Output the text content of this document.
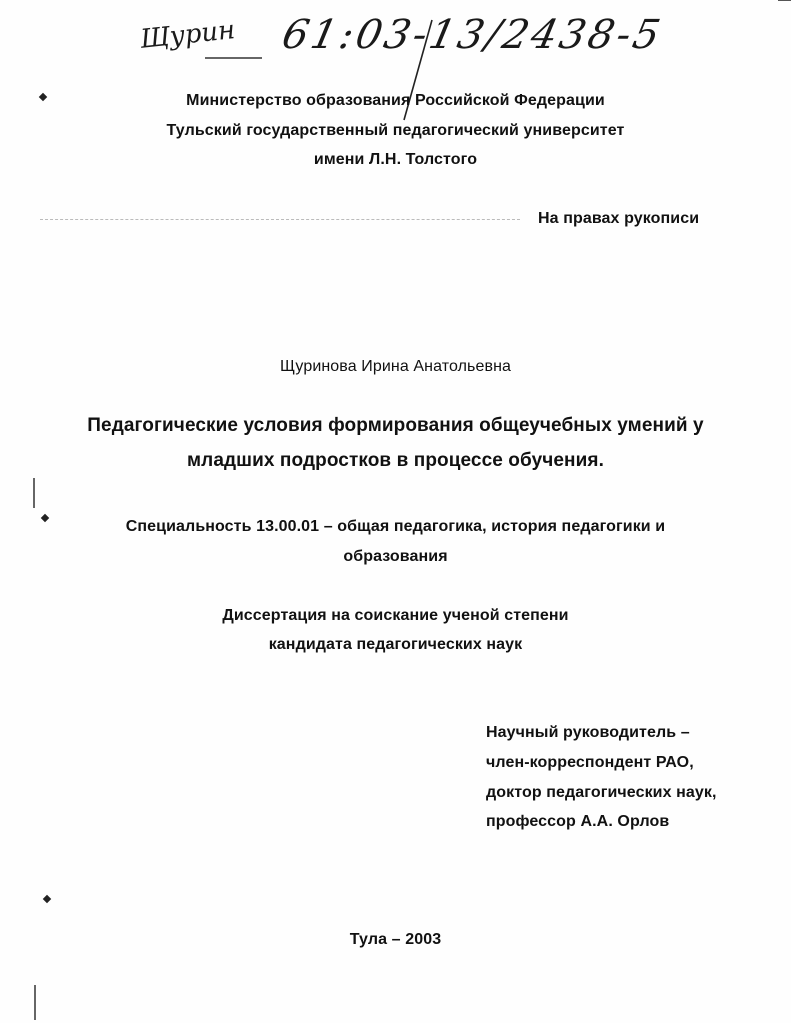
Щурин 61:03-13/2438-5
Министерство образования Российской Федерации
Тульский государственный педагогический университет
имени Л.Н. Толстого
На правах рукописи
Щуринова Ирина Анатольевна
Педагогические условия формирования общеучебных умений у
младших подростков в процессе обучения.
Специальность 13.00.01 – общая педагогика, история педагогики и
образования
Диссертация на соискание ученой степени
кандидата педагогических наук
Научный руководитель –
член-корреспондент РАО,
доктор педагогических наук,
профессор А.А. Орлов
Тула – 2003
